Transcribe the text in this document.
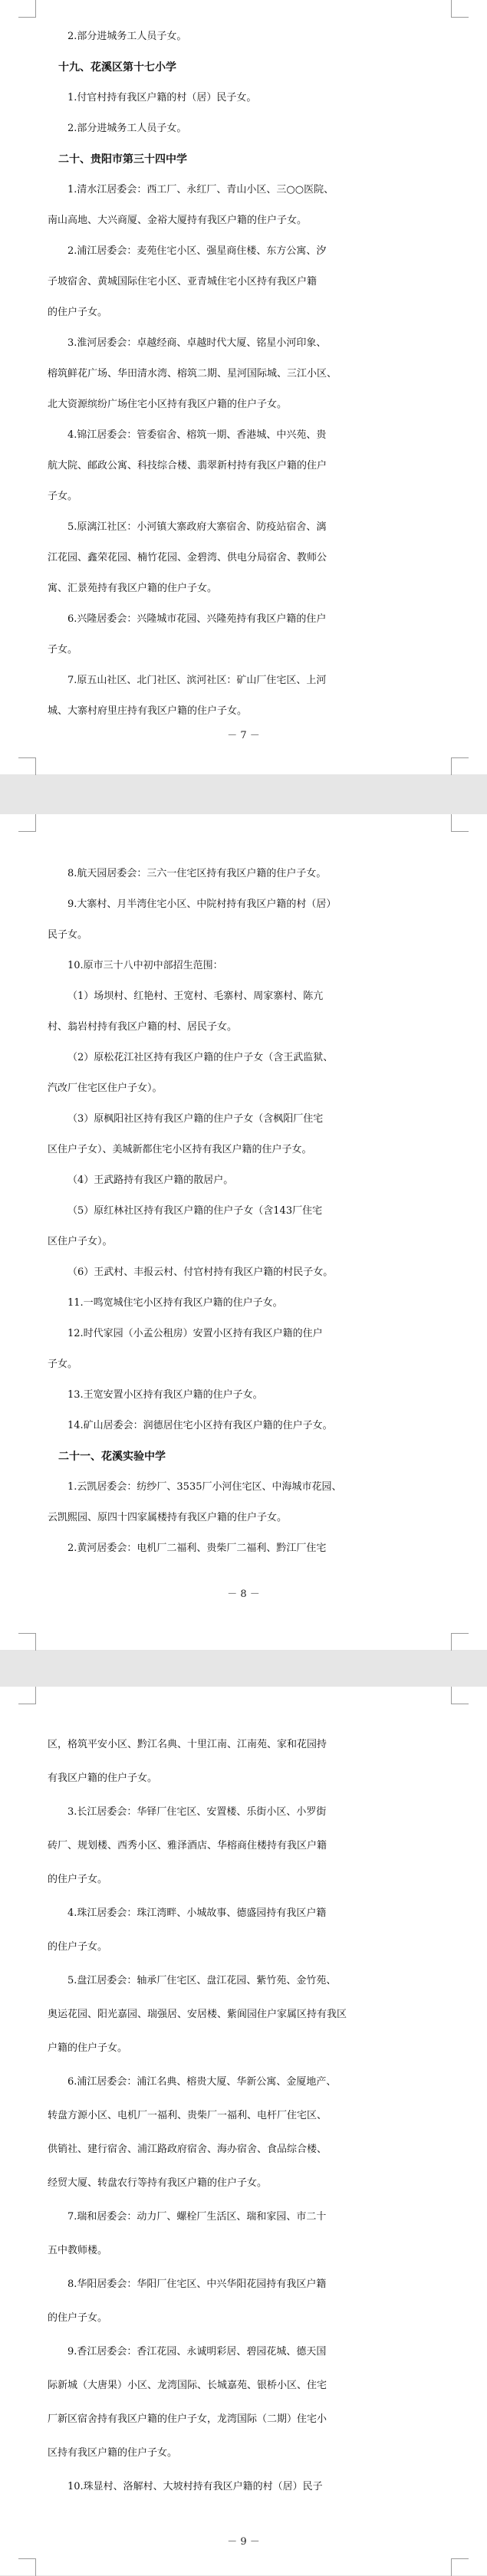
2.部分进城务工人员子女。
十九、花溪区第十七小学
1.付官村持有我区户籍的村（居）民子女。
2.部分进城务工人员子女。
二十、贵阳市第三十四中学
1.清水江居委会：西工厂、永红厂、青山小区、三○○医院、
南山高地、大兴商厦、金裕大厦持有我区户籍的住户子女。
2.浦江居委会：麦苑住宅小区、强星商住楼、东方公寓、汐
子坡宿舍、黄城国际住宅小区、亚青城住宅小区持有我区户籍
的住户子女。
3.淮河居委会：卓越经商、卓越时代大厦、铭星小河印象、
榕筑鲜花广场、华田清水湾、榕筑二期、星河国际城、三江小区、
北大资源缤纷广场住宅小区持有我区户籍的住户子女。
4.锦江居委会：管委宿舍、榕筑一期、香港城、中兴苑、贵
航大院、邮政公寓、科技综合楼、翡翠新村持有我区户籍的住户
子女。
5.原漓江社区：小河镇大寨政府大寨宿舍、防疫站宿舍、漓
江花园、鑫荣花园、楠竹花园、金碧湾、供电分局宿舍、教师公
寓、汇景苑持有我区户籍的住户子女。
6.兴隆居委会：兴隆城市花园、兴隆苑持有我区户籍的住户
子女。
7.原五山社区、北门社区、滨河社区：矿山厂住宅区、上河
城、大寨村府里庄持有我区户籍的住户子女。
－ 7 －
8.航天园居委会：三六一住宅区持有我区户籍的住户子女。
9.大寨村、月半湾住宅小区、中院村持有我区户籍的村（居）
民子女。
10.原市三十八中初中部招生范围：
（1）场坝村、红艳村、王宽村、毛寨村、周家寨村、陈亢
村、翁岩村持有我区户籍的村、居民子女。
（2）原松花江社区持有我区户籍的住户子女（含王武监狱、
汽改厂住宅区住户子女）。
（3）原枫阳社区持有我区户籍的住户子女（含枫阳厂住宅
区住户子女）、美城新都住宅小区持有我区户籍的住户子女。
（4）王武路持有我区户籍的散居户。
（5）原红林社区持有我区户籍的住户子女（含143厂住宅
区住户子女）。
（6）王武村、丰报云村、付官村持有我区户籍的村民子女。
11.一鸣宽城住宅小区持有我区户籍的住户子女。
12.时代家园（小孟公租房）安置小区持有我区户籍的住户
子女。
13.王宽安置小区持有我区户籍的住户子女。
14.矿山居委会：润德居住宅小区持有我区户籍的住户子女。
二十一、花溪实验中学
1.云凯居委会：纺纱厂、3535厂小河住宅区、中海城市花园、
云凯熙园、原四十四家属楼持有我区户籍的住户子女。
2.黄河居委会：电机厂二福利、贵柴厂二福利、黔江厂住宅
－ 8 －
区，格筑平安小区、黔江名典、十里江南、江南苑、家和花园持
有我区户籍的住户子女。
3.长江居委会：华铎厂住宅区、安置楼、乐街小区、小罗街
砖厂、规划楼、西秀小区、雅泽酒店、华榕商住楼持有我区户籍
的住户子女。
4.珠江居委会：珠江湾畔、小城故事、德盛园持有我区户籍
的住户子女。
5.盘江居委会：轴承厂住宅区、盘江花园、紫竹苑、金竹苑、
奥运花园、阳光嘉园、瑞强居、安居楼、紫阆园住户家属区持有我区
户籍的住户子女。
6.浦江居委会：浦江名典、榕贵大厦、华新公寓、金厦地产、
转盘方源小区、电机厂一福利、贵柴厂一福利、电杆厂住宅区、
供销社、建行宿舍、浦江路政府宿舍、海办宿舍、食品综合楼、
经贸大厦、转盘农行等持有我区户籍的住户子女。
7.瑞和居委会：动力厂、螺栓厂生活区、瑞和家园、市二十
五中教师楼。
8.华阳居委会：华阳厂住宅区、中兴华阳花园持有我区户籍
的住户子女。
9.香江居委会：香江花园、永诚明彩居、碧园花城、德天国
际新城（大唐果）小区、龙湾国际、长城嘉苑、银桥小区、住宅
厂新区宿舍持有我区户籍的住户子女，龙湾国际（二期）住宅小
区持有我区户籍的住户子女。
10.珠显村、洛解村、大坡村持有我区户籍的村（居）民子
－ 9 －
